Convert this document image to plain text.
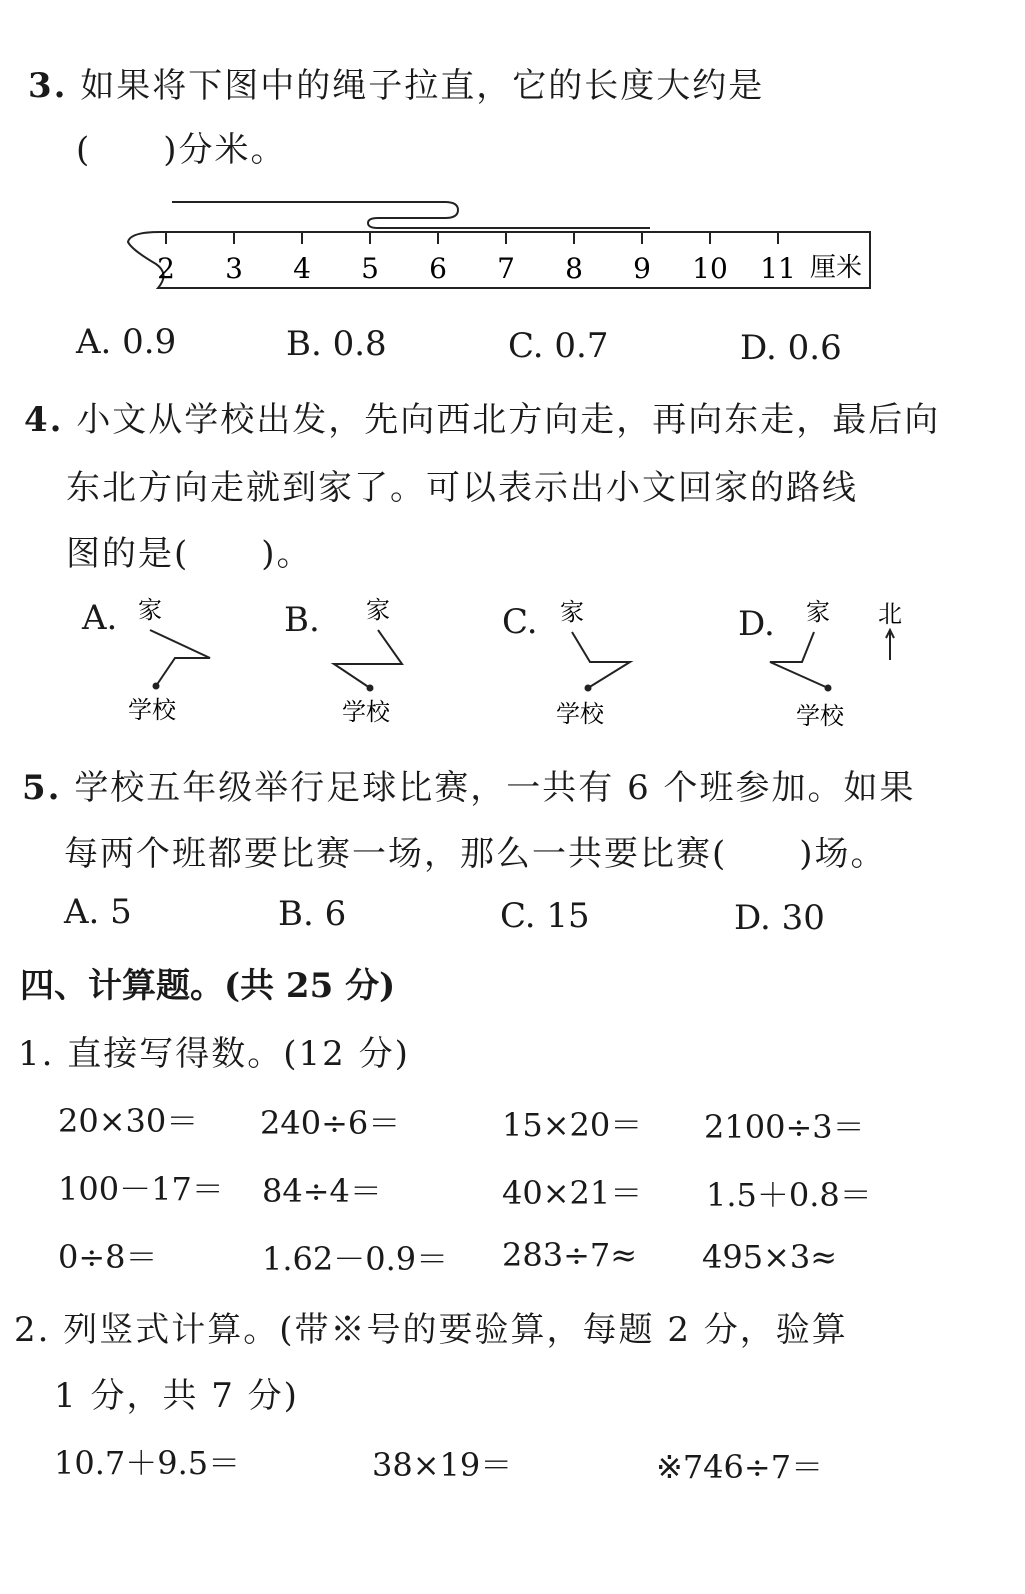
3. 如果将下图中的绳子拉直，它的长度大约是
(　　)分米。
2 3 4 5 6 7 8 9 10 11 厘米
A. 0.9	B. 0.8	C. 0.7	D. 0.6
4. 小文从学校出发，先向西北方向走，再向东走，最后向
东北方向走就到家了。可以表示出小文回家的路线
图的是(　　)。
A. 家
学校
B. 家
学校
C. 家
学校
D. 家
学校
北
5. 学校五年级举行足球比赛，一共有 6 个班参加。如果
每两个班都要比赛一场，那么一共要比赛(　　)场。
A. 5	B. 6	C. 15	D. 30
四、计算题。(共 25 分)
1. 直接写得数。(12 分)
20×30＝ 240÷6＝	15×20＝ 2100÷3＝
100－17＝ 84÷4＝	40×21＝ 1.5＋0.8＝
0÷8＝	1.62－0.9＝ 283÷7≈ 495×3≈
2. 列竖式计算。(带※号的要验算，每题 2 分，验算
1 分，共 7 分)
10.7＋9.5＝	38×19＝	※746÷7＝
